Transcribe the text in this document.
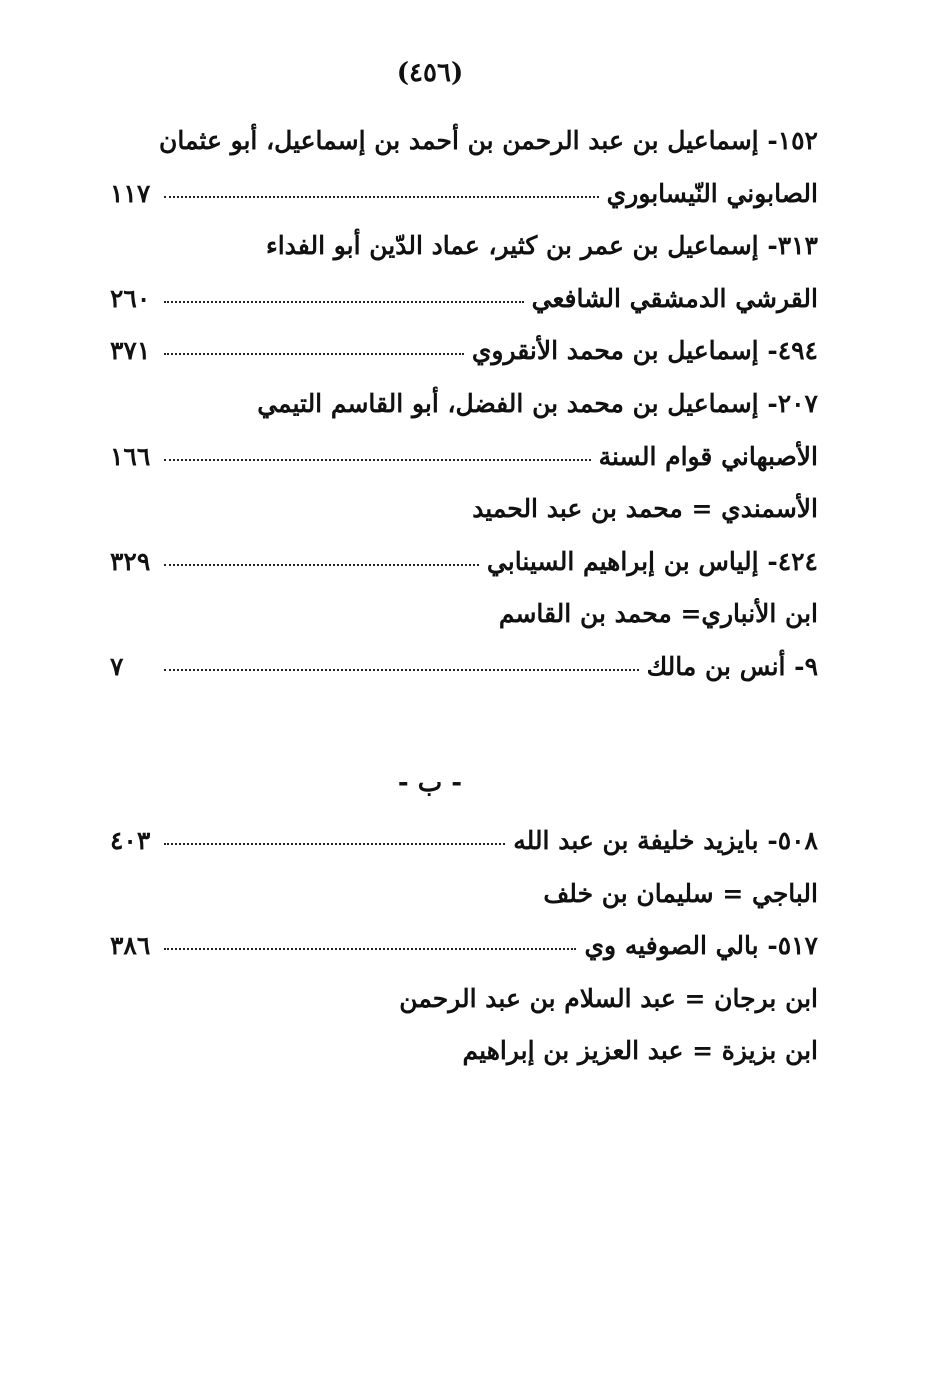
(٤٥٦)
١٥٢- إسماعيل بن عبد الرحمن بن أحمد بن إسماعيل، أبو عثمان
الصابوني النّيسابوري
١١٧
٣١٣- إسماعيل بن عمر بن كثير، عماد الدّين أبو الفداء
القرشي الدمشقي الشافعي
٢٦٠
٤٩٤- إسماعيل بن محمد الأنقروي
٣٧١
٢٠٧- إسماعيل بن محمد بن الفضل، أبو القاسم التيمي
الأصبهاني قوام السنة
١٦٦
الأسمندي = محمد بن عبد الحميد
٤٢٤- إلياس بن إبراهيم السينابي
٣٢٩
ابن الأنباري= محمد بن القاسم
٩- أنس بن مالك
٧
- ب -
٥٠٨- بايزيد خليفة بن عبد الله
٤٠٣
الباجي = سليمان بن خلف
٥١٧- بالي الصوفيه وي
٣٨٦
ابن برجان = عبد السلام بن عبد الرحمن
ابن بزيزة = عبد العزيز بن إبراهيم
